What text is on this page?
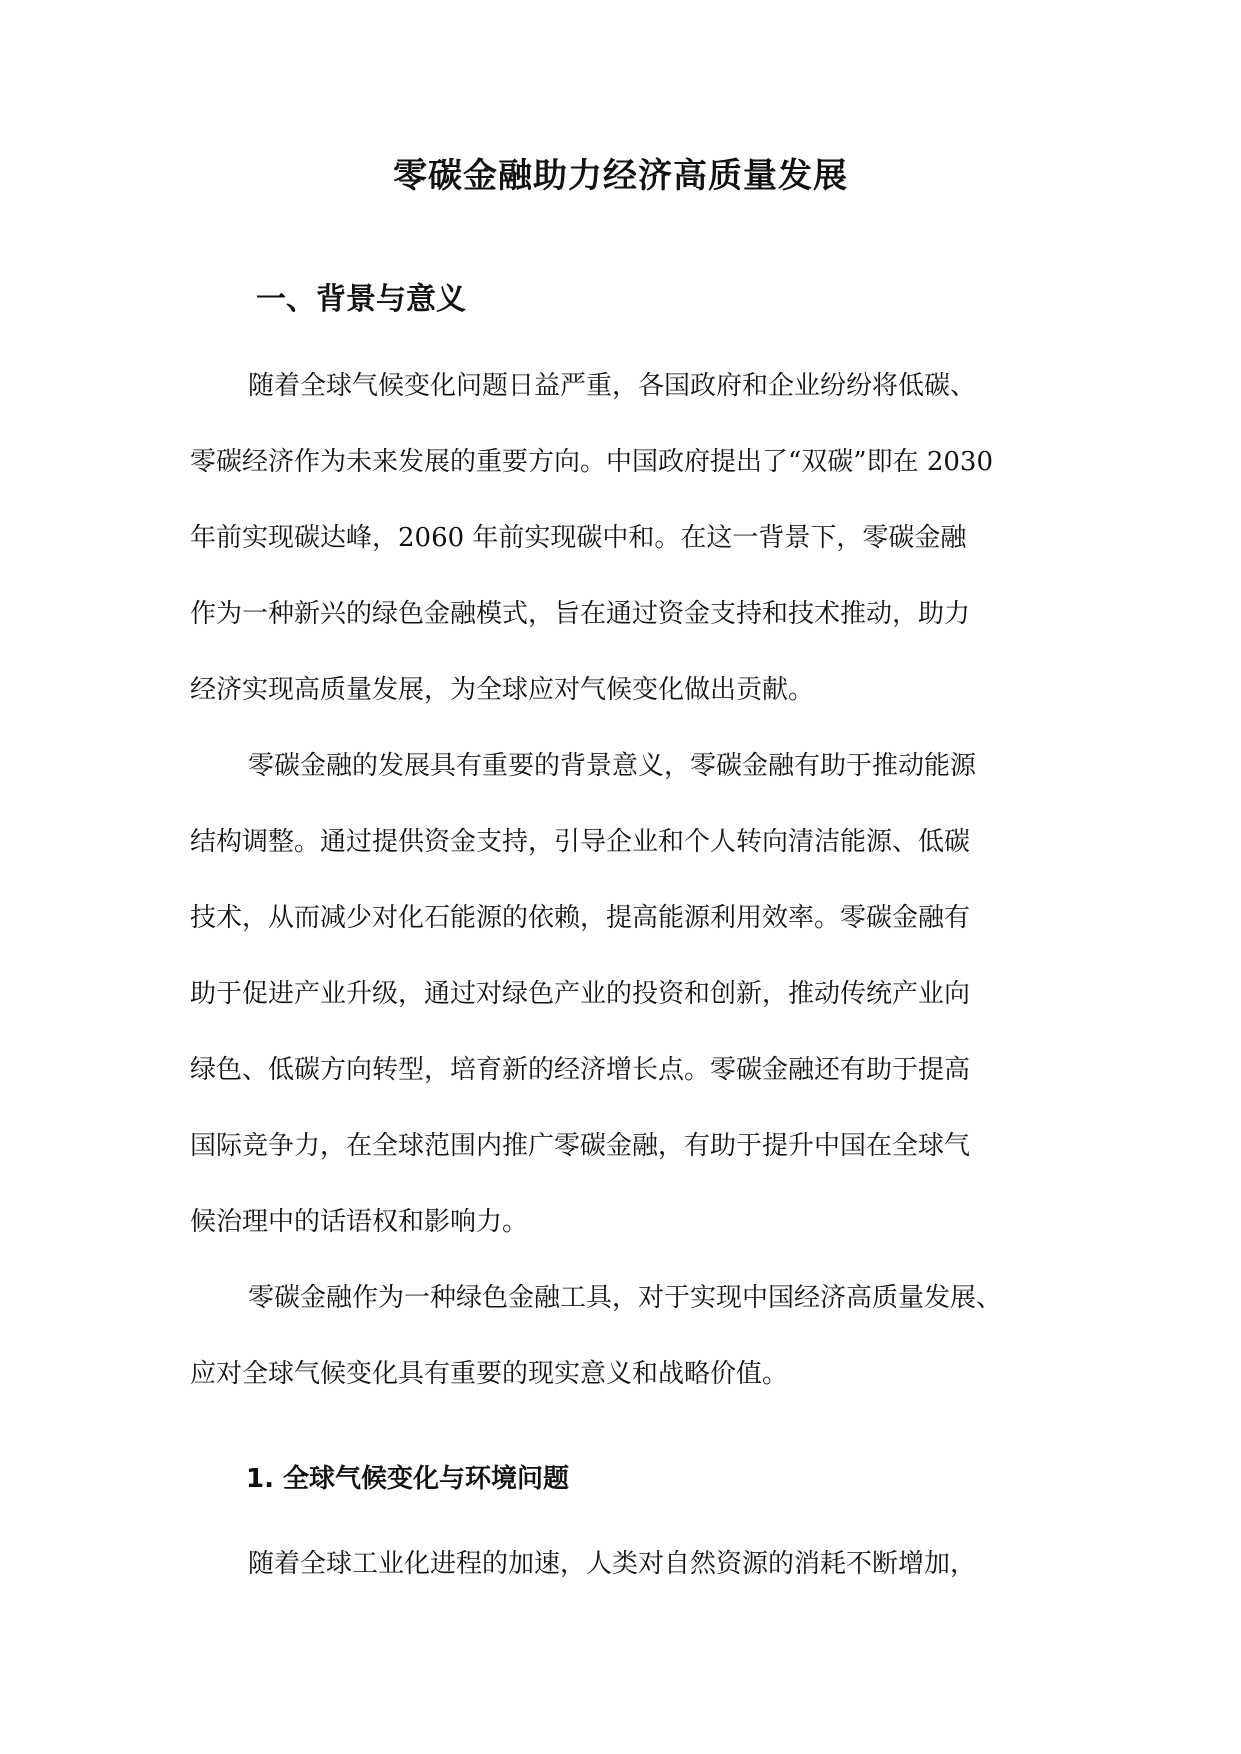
零碳金融助力经济高质量发展
一、背景与意义
随着全球气候变化问题日益严重，各国政府和企业纷纷将低碳、
零碳经济作为未来发展的重要方向。中国政府提出了“双碳”即在 2030
年前实现碳达峰，2060 年前实现碳中和。在这一背景下，零碳金融
作为一种新兴的绿色金融模式，旨在通过资金支持和技术推动，助力
经济实现高质量发展，为全球应对气候变化做出贡献。
零碳金融的发展具有重要的背景意义，零碳金融有助于推动能源
结构调整。通过提供资金支持，引导企业和个人转向清洁能源、低碳
技术，从而减少对化石能源的依赖，提高能源利用效率。零碳金融有
助于促进产业升级，通过对绿色产业的投资和创新，推动传统产业向
绿色、低碳方向转型，培育新的经济增长点。零碳金融还有助于提高
国际竞争力，在全球范围内推广零碳金融，有助于提升中国在全球气
候治理中的话语权和影响力。
零碳金融作为一种绿色金融工具，对于实现中国经济高质量发展、
应对全球气候变化具有重要的现实意义和战略价值。
1. 全球气候变化与环境问题
随着全球工业化进程的加速，人类对自然资源的消耗不断增加，
